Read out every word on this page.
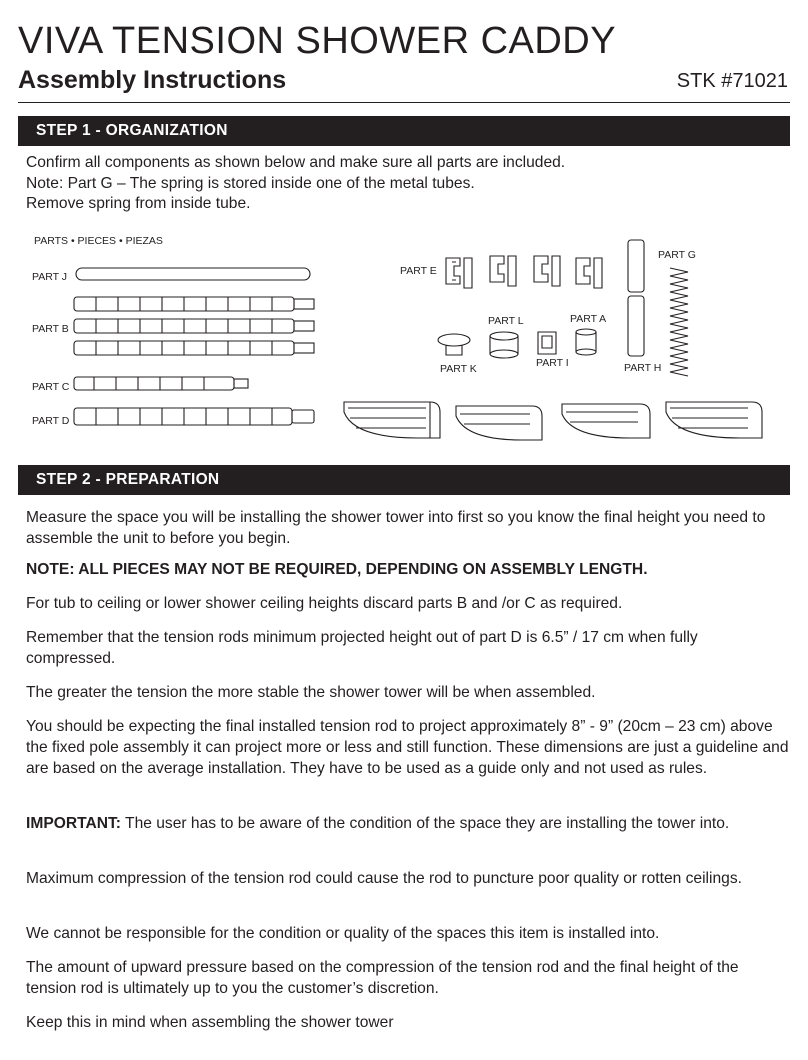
VIVA TENSION SHOWER CADDY
Assembly Instructions	STK #71021
STEP 1 - ORGANIZATION
Confirm all components as shown below and make sure all parts are included.
Note: Part G – The spring is stored inside one of the metal tubes.
Remove spring from inside tube.
PARTS • PIECES • PIEZAS
PART J
PART B
PART C
PART D
PART E
PART G
PART H
PART L	PART A
PART I
PART K
STEP 2 - PREPARATION
Measure the space you will be installing the shower tower into first so you know the final height you need to assemble the unit to before you begin.
NOTE: ALL PIECES MAY NOT BE REQUIRED, DEPENDING ON ASSEMBLY LENGTH.
For tub to ceiling or lower shower ceiling heights discard parts B and /or C as required.
Remember that the tension rods minimum projected height out of part D is 6.5” / 17 cm when fully compressed.
The greater the tension the more stable the shower tower will be when assembled.
You should be expecting the final installed tension rod to project approximately 8” - 9” (20cm – 23 cm) above the fixed pole assembly it can project more or less and still function. These dimensions are just a guideline and are based on the average installation. They have to be used as a guide only and not used as rules.
IMPORTANT: The user has to be aware of the condition of the space they are installing the tower into.
Maximum compression of the tension rod could cause the rod to puncture poor quality or rotten ceilings.
We cannot be responsible for the condition or quality of the spaces this item is installed into.
The amount of upward pressure based on the compression of the tension rod and the final height of the tension rod is ultimately up to you the customer’s discretion.
Keep this in mind when assembling the shower tower
